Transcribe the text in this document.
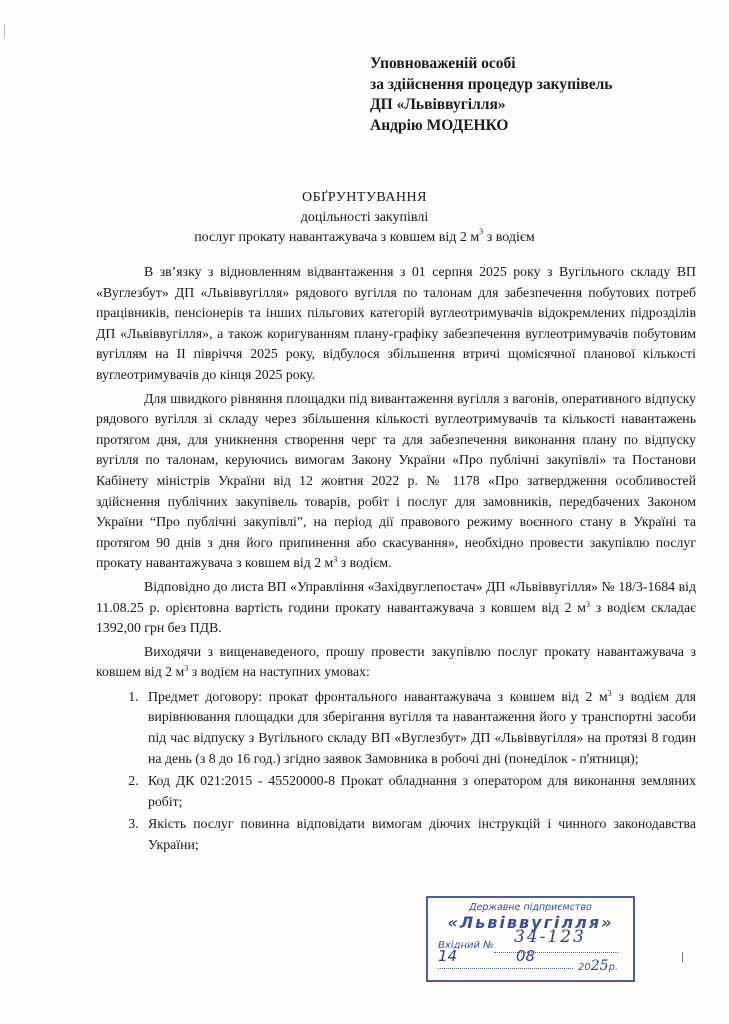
Уповноваженій особі
за здійснення процедур закупівель
ДП «Львіввугілля»
Андрію МОДЕНКО
ОБҐРУНТУВАННЯ
доцільності закупівлі
послуг прокату навантажувача з ковшем від 2 $м^3$ з водієм

В зв’язку з відновленням відвантаження з 01 серпня 2025 року з Вугільного складу ВП «Вуглезбут» ДП «Львіввугілля» рядового вугілля по талонам для забезпечення побутових потреб працівників, пенсіонерів та інших пільгових категорій вуглеотримувачів відокремлених підрозділів ДП «Львіввугілля», а також коригуванням плану-графіку забезпечення вуглеотримувачів побутовим вугіллям на ІІ півріччя 2025 року, відбулося збільшення втричі щомісячної планової кількості вуглеотримувачів до кінця 2025 року.

Для швидкого рівняння площадки під вивантаження вугілля з вагонів, оперативного відпуску рядового вугілля зі складу через збільшення кількості вуглеотримувачів та кількості навантажень протягом дня, для уникнення створення черг та для забезпечення виконання плану по відпуску вугілля по талонам, керуючись вимогам Закону України «Про публічні закупівлі» та Постанови Кабінету міністрів України від 12 жовтня 2022 р. № 1178 «Про затвердження особливостей здійснення публічних закупівель товарів, робіт і послуг для замовників, передбачених Законом України “Про публічні закупівлі”, на період дії правового режиму воєнного стану в Україні та протягом 90 днів з дня його припинення або скасування», необхідно провести закупівлю послуг прокату навантажувача з ковшем від 2 $м^3$ з водієм.

Відповідно до листа ВП «Управління «Західвуглепостач» ДП «Львіввугілля» № 18/3-1684 від 11.08.25 р. орієнтовна вартість години прокату навантажувача з ковшем від 2 $м^3$ з водієм складає 1392,00 грн без ПДВ.

Виходячи з вищенаведеного, прошу провести закупівлю послуг прокату навантажувача з ковшем від 2 $м^3$ з водієм на наступних умовах:

1. Предмет договору: прокат фронтального навантажувача з ковшем від 2 $м^3$ з водієм для вирівнювання площадки для зберігання вугілля та навантаження його у транспортні засоби під час відпуску з Вугільного складу ВП «Вуглезбут» ДП «Львіввугілля» на протязі 8 годин на день (з 8 до 16 год.) згідно заявок Замовника в робочі дні (понеділок - п'ятниця);
2. Код ДК 021:2015 - 45520000-8 Прокат обладнання з оператором для виконання земляних робіт;
3. Якість послуг повинна відповідати вимогам діючих інструкцій і чинного законодавства України;
Державне підприємство
«Львіввугілля»
Вхідний № 34-123
14	08
2025р.
